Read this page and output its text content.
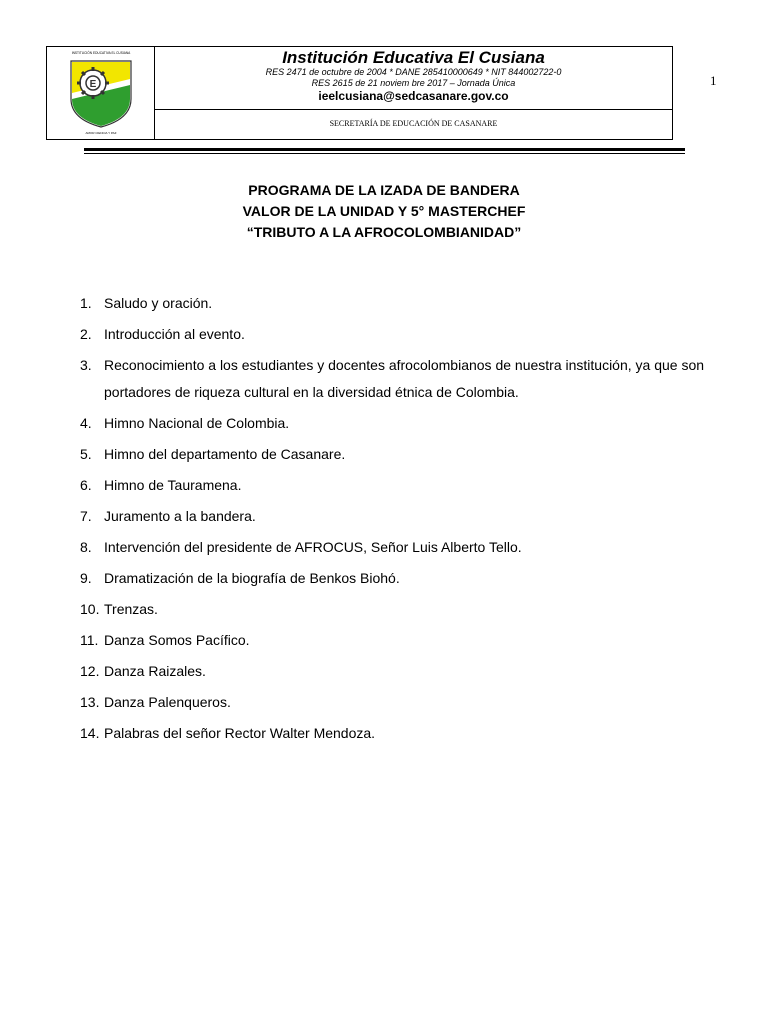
INSTITUCIÓN EDUCATIVA EL CUSIANA
E
AMOR CIENCIA Y PAZ
Institución Educativa El Cusiana
RES 2471 de octubre de 2004 * DANE 285410000649 * NIT 844002722-0
RES 2615 de 21 noviem bre 2017 – Jornada Única
ieelcusiana@sedcasanare.gov.co
SECRETARÍA DE EDUCACIÓN DE CASANARE
1
PROGRAMA DE LA IZADA DE BANDERA
VALOR DE LA UNIDAD Y 5° MASTERCHEF
“TRIBUTO A LA AFROCOLOMBIANIDAD”
1. Saludo y oración.
2. Introducción al evento.
3. Reconocimiento a los estudiantes y docentes afrocolombianos de nuestra institución, ya que son portadores de riqueza cultural en la diversidad étnica de Colombia.
4. Himno Nacional de Colombia.
5. Himno del departamento de Casanare.
6. Himno de Tauramena.
7. Juramento a la bandera.
8. Intervención del presidente de AFROCUS, Señor Luis Alberto Tello.
9. Dramatización de la biografía de Benkos Biohó.
10. Trenzas.
11. Danza Somos Pacífico.
12. Danza Raizales.
13. Danza Palenqueros.
14. Palabras del señor Rector Walter Mendoza.
